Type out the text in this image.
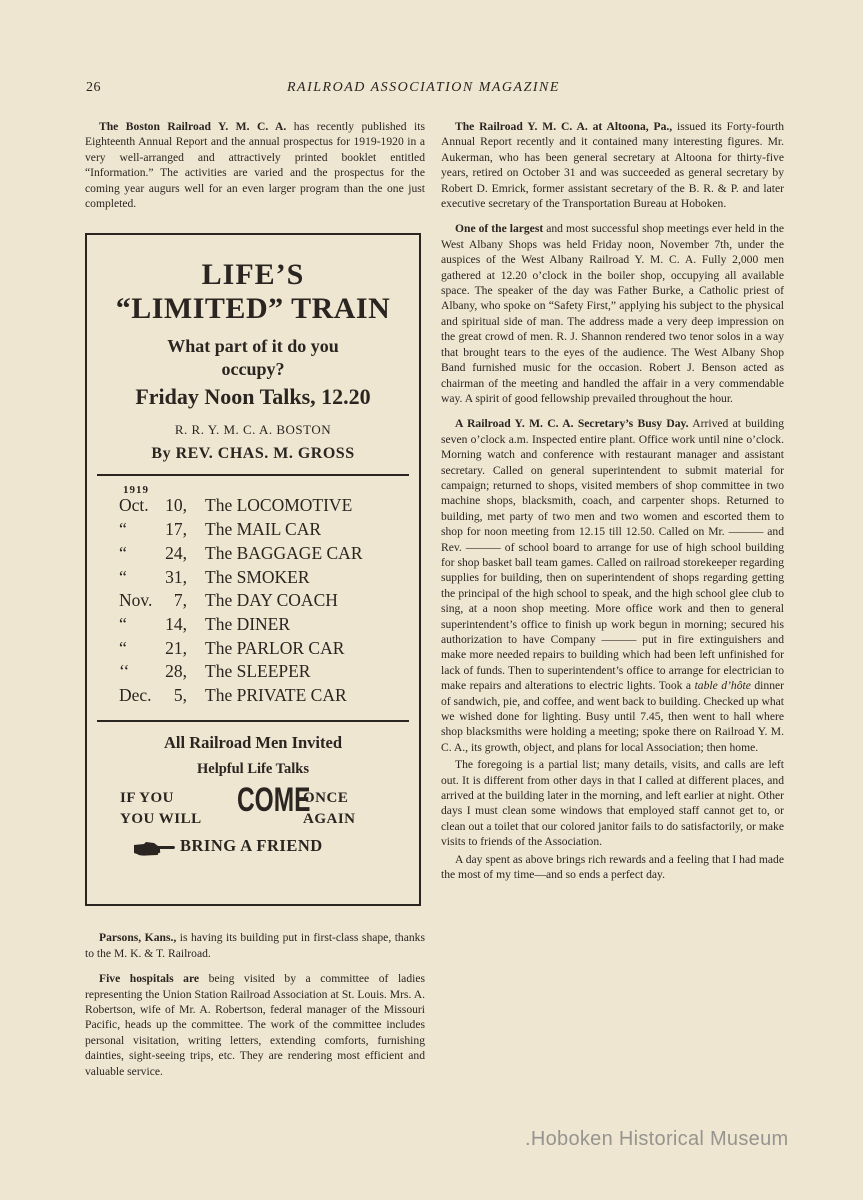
26	RAILROAD ASSOCIATION MAGAZINE

The Boston Railroad Y. M. C. A. has recently published its Eighteenth Annual Report and the annual prospectus for 1919-1920 in a very well-arranged and attractively printed booklet entitled “Information.” The activities are varied and the prospectus for the coming year augurs well for an even larger program than the one just completed.

LIFE’S
“LIMITED” TRAIN
What part of it do you
occupy?
Friday Noon Talks, 12.20
R. R. Y. M. C. A. BOSTON
By REV. CHAS. M. GROSS
1919
Oct. 10, The LOCOMOTIVE
“	17, The MAIL CAR
“	24, The BAGGAGE CAR
“	31, The SMOKER
Nov.	7, The DAY COACH
“	14, The DINER
“	21, The PARLOR CAR
‘‘	28, The SLEEPER
Dec.	5, The PRIVATE CAR
All Railroad Men Invited
Helpful Life Talks
IF YOU
YOU WILL COME
ONCE
AGAIN
BRING A FRIEND

Parsons, Kans., is having its building put in first-class shape, thanks to the M. K. & T. Railroad.

Five hospitals are being visited by a committee of ladies representing the Union Station Railroad Association at St. Louis. Mrs. A. Robertson, wife of Mr. A. Robertson, federal manager of the Missouri Pacific, heads up the committee. The work of the committee includes personal visitation, writing letters, extending comforts, furnishing dainties, sight-seeing trips, etc. They are rendering most efficient and valuable service.

The Railroad Y. M. C. A. at Altoona, Pa., issued its Forty-fourth Annual Report recently and it contained many interesting figures. Mr. Aukerman, who has been general secretary at Altoona for thirty-five years, retired on October 31 and was succeeded as general secretary by Robert D. Emrick, former assistant secretary of the B. R. & P. and later executive secretary of the Transportation Bureau at Hoboken.

One of the largest and most successful shop meetings ever held in the West Albany Shops was held Friday noon, November 7th, under the auspices of the West Albany Railroad Y. M. C. A. Fully 2,000 men gathered at 12.20 o’clock in the boiler shop, occupying all available space. The speaker of the day was Father Burke, a Catholic priest of Albany, who spoke on “Safety First,” applying his subject to the physical and spiritual side of man. The address made a very deep impression on the great crowd of men. R. J. Shannon rendered two tenor solos in a way that brought tears to the eyes of the audience. The West Albany Shop Band furnished music for the occasion. Robert J. Benson acted as chairman of the meeting and handled the affair in a very commendable way. A spirit of good fellowship prevailed throughout the hour.

A Railroad Y. M. C. A. Secretary’s Busy Day. Arrived at building seven o’clock a.m. Inspected entire plant. Office work until nine o’clock. Morning watch and conference with restaurant manager and assistant secretary. Called on general superintendent to submit material for campaign; returned to shops, visited members of shop committee in two machine shops, blacksmith, coach, and carpenter shops. Returned to building, met party of two men and two women and escorted them to shop for noon meeting from 12.15 till 12.50. Called on Mr. ——— and Rev. ——— of school board to arrange for use of high school building for shop basket ball team games. Called on railroad storekeeper regarding supplies for building, then on superintendent of shops regarding getting the principal of the high school to speak, and the high school glee club to sing, at a noon shop meeting. More office work and then to general superintendent’s office to finish up work begun in morning; secured his authorization to have Company ——— put in fire extinguishers and make more needed repairs to building which had been left unfinished for lack of funds. Then to superintendent’s office to arrange for electrician to make repairs and alterations to electric lights. Took a table d’hôte dinner of sandwich, pie, and coffee, and went back to building. Checked up what we wished done for lighting. Busy until 7.45, then went to hall where shop blacksmiths were holding a meeting; spoke there on Railroad Y. M. C. A., its growth, object, and plans for local Association; then home.

The foregoing is a partial list; many details, visits, and calls are left out. It is different from other days in that I called at different places, and arrived at the building later in the morning, and left earlier at night. Other days I must clean some windows that employed staff cannot get to, or clean out a toilet that our colored janitor fails to do satisfactorily, or make visits to friends of the Association.

A day spent as above brings rich rewards and a feeling that I had made the most of my time—and so ends a perfect day.

.Hoboken Historical Museum
